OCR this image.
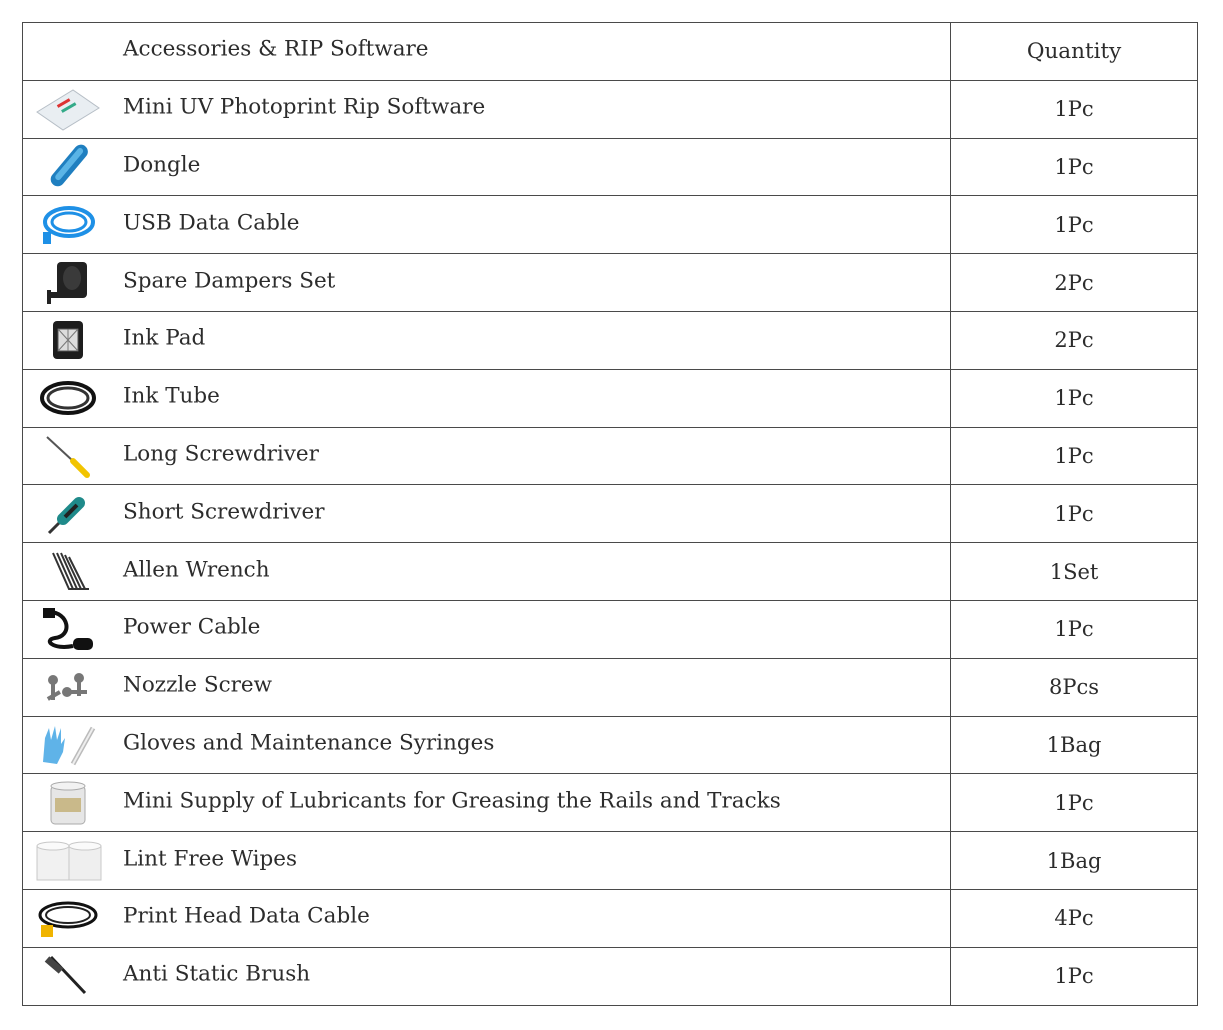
Accessories & RIP Software	Quantity

Mini UV Photoprint Rip Software	1Pc

Dongle	1Pc

USB Data Cable	1Pc

Spare Dampers Set	2Pc

Ink Pad	2Pc

Ink Tube	1Pc

Long Screwdriver	1Pc

Short Screwdriver	1Pc

Allen Wrench	1Set

Power Cable	1Pc

Nozzle Screw	8Pcs

Gloves and Maintenance Syringes	1Bag

Mini Supply of Lubricants for Greasing the Rails and Tracks	1Pc

Lint Free Wipes	1Bag

Print Head Data Cable	4Pc

Anti Static Brush	1Pc
